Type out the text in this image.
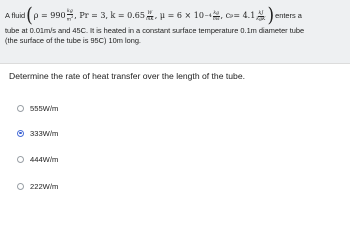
A fluid ( $\rho = 990 \frac{kg}{m^3}$ , Pr = 3, $k = 0.65 \frac{W}{mK}$ , $\mu = 6 \times 10 -4 \frac{kg}{ms}$ , c $p = 4.1 \frac{kJ}{\text{kgK}}$ ) enters a
tube at 0.01m/s and 45C. It is heated in a constant surface temperature 0.1m diameter tube
(the surface of the tube is 95C) 10m long.
Determine the rate of heat transfer over the length of the tube.
555W/m
333W/m
444W/m
222W/m
